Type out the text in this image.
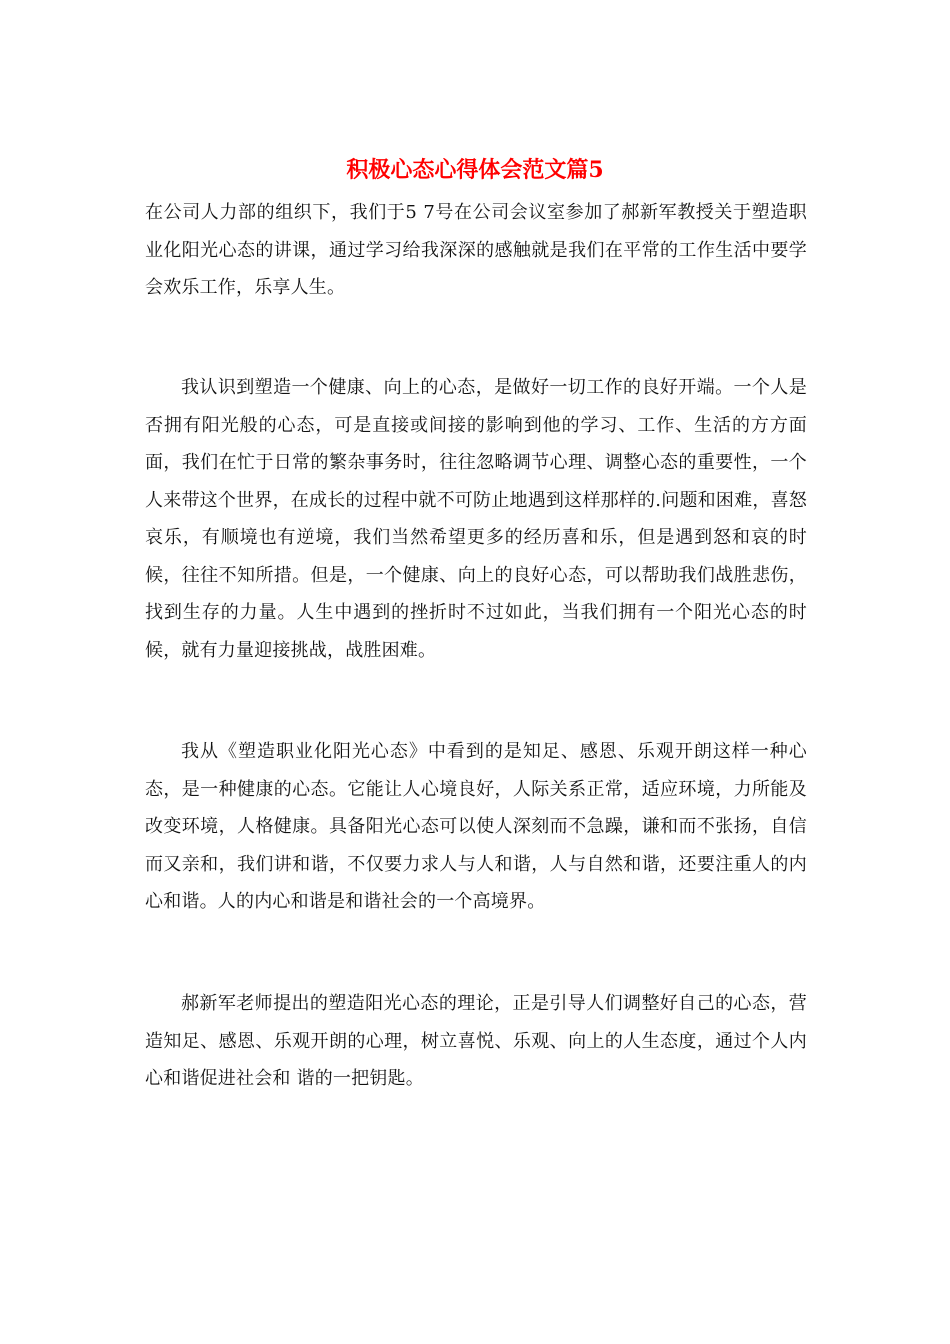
积极心态心得体会范文篇5

在公司人力部的组织下，我们于5 7号在公司会议室参加了郝新军教授关于塑造职业化阳光心态的讲课，通过学习给我深深的感触就是我们在平常的工作生活中要学会欢乐工作，乐享人生。

我认识到塑造一个健康、向上的心态，是做好一切工作的良好开端。一个人是否拥有阳光般的心态，可是直接或间接的影响到他的学习、工作、生活的方方面面，我们在忙于日常的繁杂事务时，往往忽略调节心理、调整心态的重要性，一个人来带这个世界，在成长的过程中就不可防止地遇到这样那样的.问题和困难，喜怒哀乐，有顺境也有逆境，我们当然希望更多的经历喜和乐，但是遇到怒和哀的时候，往往不知所措。但是，一个健康、向上的良好心态，可以帮助我们战胜悲伤，找到生存的力量。人生中遇到的挫折时不过如此，当我们拥有一个阳光心态的时候，就有力量迎接挑战，战胜困难。

我从《塑造职业化阳光心态》中看到的是知足、感恩、乐观开朗这样一种心态，是一种健康的心态。它能让人心境良好，人际关系正常，适应环境，力所能及改变环境，人格健康。具备阳光心态可以使人深刻而不急躁，谦和而不张扬，自信而又亲和，我们讲和谐，不仅要力求人与人和谐，人与自然和谐，还要注重人的内心和谐。人的内心和谐是和谐社会的一个高境界。

郝新军老师提出的塑造阳光心态的理论，正是引导人们调整好自己的心态，营造知足、感恩、乐观开朗的心理，树立喜悦、乐观、向上的人生态度，通过个人内心和谐促进社会和 谐的一把钥匙。
